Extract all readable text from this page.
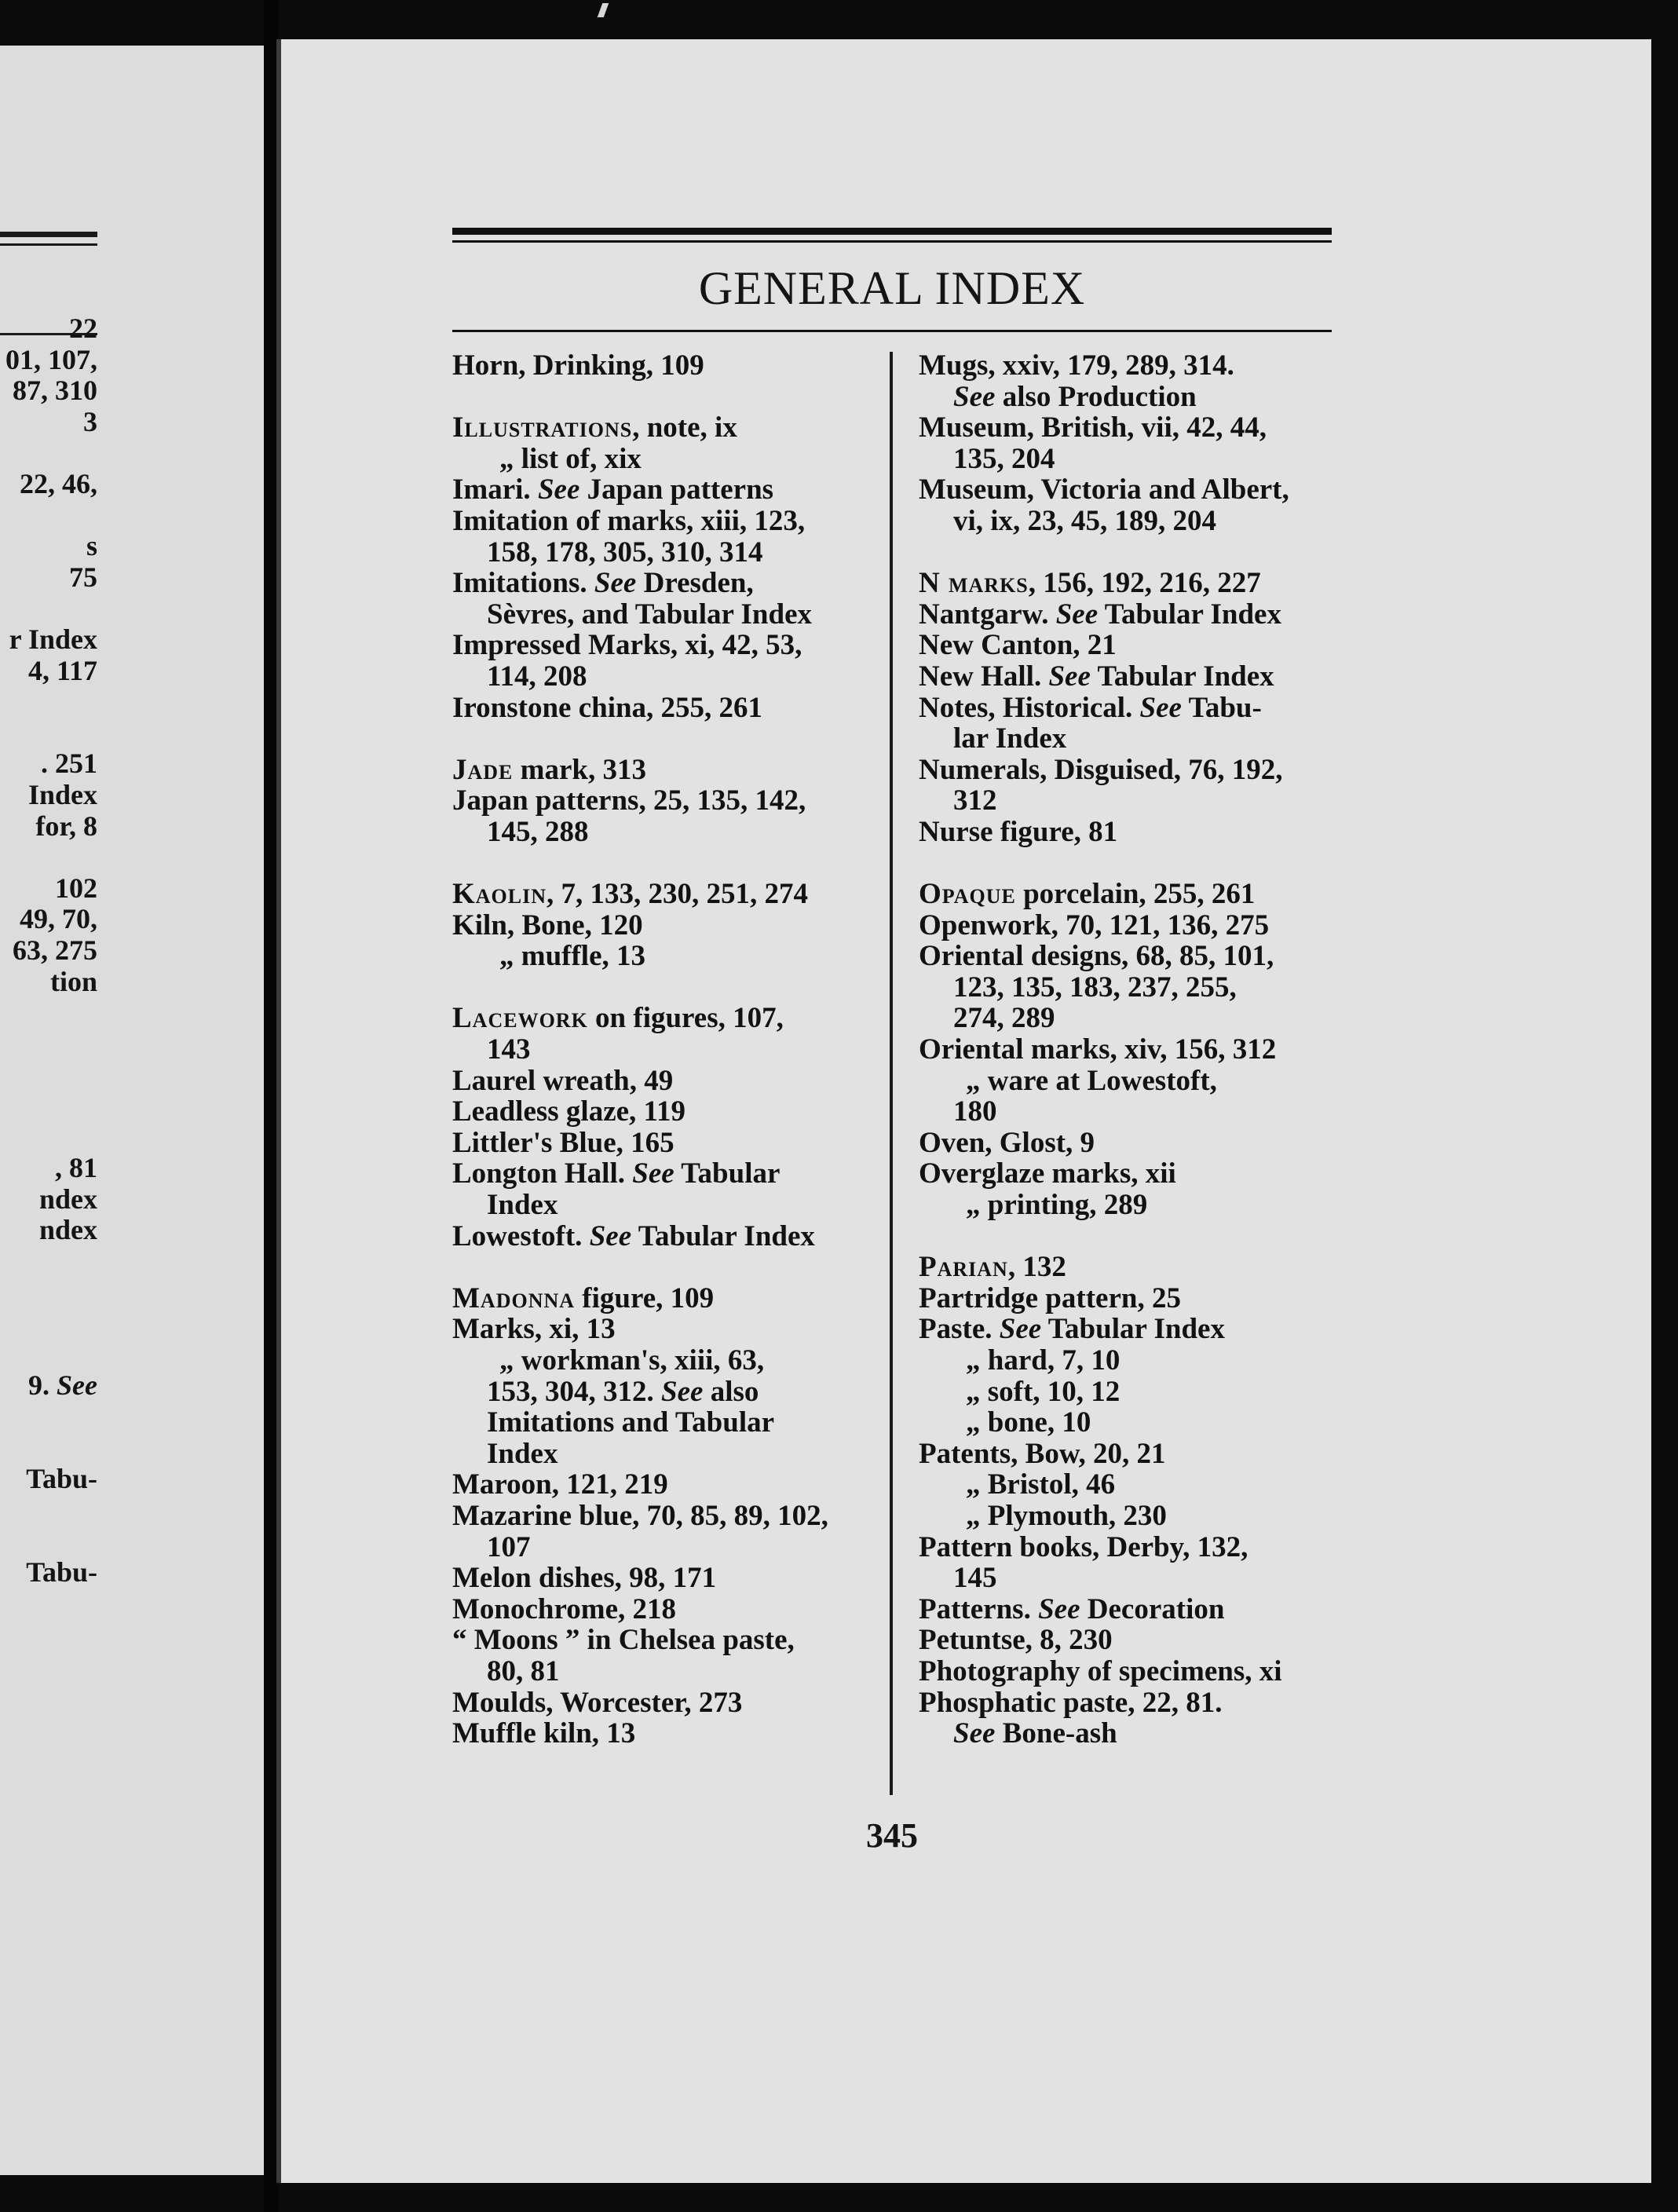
22
01, 107,
87, 310
3
22, 46,
s
75
r Index
4, 117
. 251
Index
for, 8
102
49, 70,
63, 275
tion
, 81
ndex
ndex
9. See
Tabu-
Tabu-
GENERAL INDEX
Horn, Drinking, 109
Illustrations, note, ix
„ list of, xix
Imari. See Japan patterns
Imitation of marks, xiii, 123,
158, 178, 305, 310, 314
Imitations. See Dresden,
Sèvres, and Tabular Index
Impressed Marks, xi, 42, 53,
114, 208
Ironstone china, 255, 261
Jade mark, 313
Japan patterns, 25, 135, 142,
145, 288
Kaolin, 7, 133, 230, 251, 274
Kiln, Bone, 120
„ muffle, 13
Lacework on figures, 107,
143
Laurel wreath, 49
Leadless glaze, 119
Littler's Blue, 165
Longton Hall. See Tabular
Index
Lowestoft. See Tabular Index
Madonna figure, 109
Marks, xi, 13
„ workman's, xiii, 63,
153, 304, 312. See also
Imitations and Tabular
Index
Maroon, 121, 219
Mazarine blue, 70, 85, 89, 102,
107
Melon dishes, 98, 171
Monochrome, 218
“ Moons ” in Chelsea paste,
80, 81
Moulds, Worcester, 273
Muffle kiln, 13
Mugs, xxiv, 179, 289, 314.
See also Production
Museum, British, vii, 42, 44,
135, 204
Museum, Victoria and Albert,
vi, ix, 23, 45, 189, 204
N marks, 156, 192, 216, 227
Nantgarw. See Tabular Index
New Canton, 21
New Hall. See Tabular Index
Notes, Historical. See Tabu-
lar Index
Numerals, Disguised, 76, 192,
312
Nurse figure, 81
Opaque porcelain, 255, 261
Openwork, 70, 121, 136, 275
Oriental designs, 68, 85, 101,
123, 135, 183, 237, 255,
274, 289
Oriental marks, xiv, 156, 312
„ ware at Lowestoft,
180
Oven, Glost, 9
Overglaze marks, xii
„ printing, 289
Parian, 132
Partridge pattern, 25
Paste. See Tabular Index
„ hard, 7, 10
„ soft, 10, 12
„ bone, 10
Patents, Bow, 20, 21
„ Bristol, 46
„ Plymouth, 230
Pattern books, Derby, 132,
145
Patterns. See Decoration
Petuntse, 8, 230
Photography of specimens, xi
Phosphatic paste, 22, 81.
See Bone-ash
345
